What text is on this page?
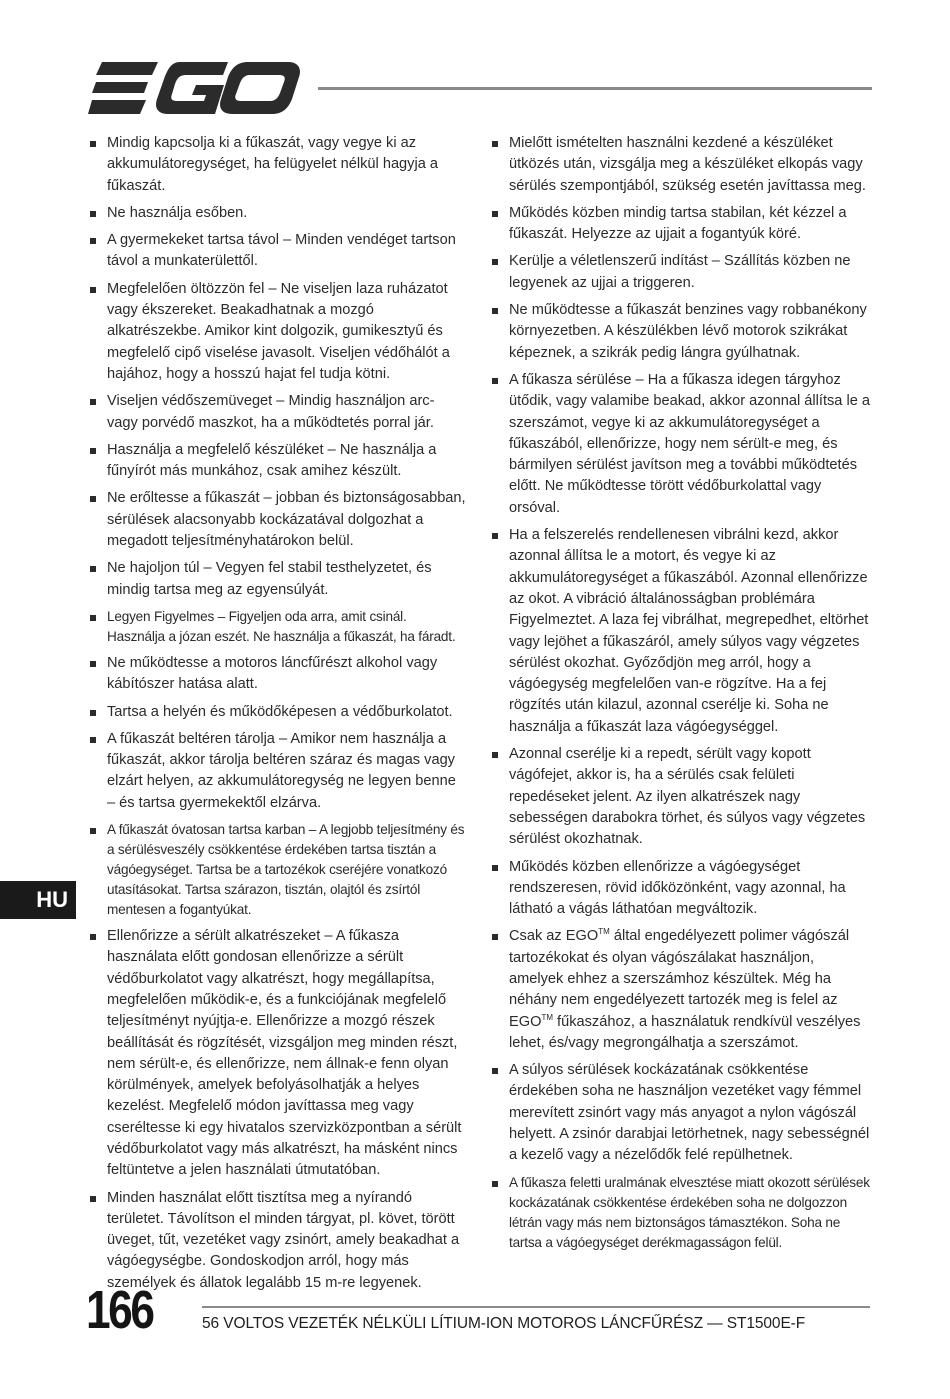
Mindig kapcsolja ki a fűkaszát, vagy vegye ki az akkumulátoregységet, ha felügyelet nélkül hagyja a fűkaszát.
Ne használja esőben.
A gyermekeket tartsa távol – Minden vendéget tartson távol a munkaterülettől.
Megfelelően öltözzön fel – Ne viseljen laza ruházatot vagy ékszereket. Beakadhatnak a mozgó alkatrészekbe. Amikor kint dolgozik, gumikesztyű és megfelelő cipő viselése javasolt. Viseljen védőhálót a hajához, hogy a hosszú hajat fel tudja kötni.
Viseljen védőszemüveget – Mindig használjon arc- vagy porvédő maszkot, ha a működtetés porral jár.
Használja a megfelelő készüléket – Ne használja a fűnyírót más munkához, csak amihez készült.
Ne erőltesse a fűkaszát – jobban és biztonságosabban, sérülések alacsonyabb kockázatával dolgozhat a megadott teljesítményhatárokon belül.
Ne hajoljon túl – Vegyen fel stabil testhelyzetet, és mindig tartsa meg az egyensúlyát.
Legyen Figyelmes – Figyeljen oda arra, amit csinál. Használja a józan eszét. Ne használja a fűkaszát, ha fáradt.
Ne működtesse a motoros láncfűrészt alkohol vagy kábítószer hatása alatt.
Tartsa a helyén és működőképesen a védőburkolatot.
A fűkaszát beltéren tárolja – Amikor nem használja a fűkaszát, akkor tárolja beltéren száraz és magas vagy elzárt helyen, az akkumulátoregység ne legyen benne – és tartsa gyermekektől elzárva.
A fűkaszát óvatosan tartsa karban – A legjobb teljesítmény és a sérülésveszély csökkentése érdekében tartsa tisztán a vágóegységet. Tartsa be a tartozékok cseréjére vonatkozó utasításokat. Tartsa szárazon, tisztán, olajtól és zsírtól mentesen a fogantyúkat.
Ellenőrizze a sérült alkatrészeket – A fűkasza használata előtt gondosan ellenőrizze a sérült védőburkolatot vagy alkatrészt, hogy megállapítsa, megfelelően működik-e, és a funkciójának megfelelő teljesítményt nyújtja-e. Ellenőrizze a mozgó részek beállítását és rögzítését, vizsgáljon meg minden részt, nem sérült-e, és ellenőrizze, nem állnak-e fenn olyan körülmények, amelyek befolyásolhatják a helyes kezelést. Megfelelő módon javíttassa meg vagy cseréltesse ki egy hivatalos szervizközpontban a sérült védőburkolatot vagy más alkatrészt, ha másként nincs feltüntetve a jelen használati útmutatóban.
Minden használat előtt tisztítsa meg a nyírandó területet. Távolítson el minden tárgyat, pl. követ, törött üveget, tűt, vezetéket vagy zsinórt, amely beakadhat a vágóegységbe. Gondoskodjon arról, hogy más személyek és állatok legalább 15 m-re legyenek.
Mielőtt ismételten használni kezdené a készüléket ütközés után, vizsgálja meg a készüléket elkopás vagy sérülés szempontjából, szükség esetén javíttassa meg.
Működés közben mindig tartsa stabilan, két kézzel a fűkaszát. Helyezze az ujjait a fogantyúk köré.
Kerülje a véletlenszerű indítást – Szállítás közben ne legyenek az ujjai a triggeren.
Ne működtesse a fűkaszát benzines vagy robbanékony környezetben. A készülékben lévő motorok szikrákat képeznek, a szikrák pedig lángra gyúlhatnak.
A fűkasza sérülése – Ha a fűkasza idegen tárgyhoz ütődik, vagy valamibe beakad, akkor azonnal állítsa le a szerszámot, vegye ki az akkumulátoregységet a fűkaszából, ellenőrizze, hogy nem sérült-e meg, és bármilyen sérülést javítson meg a további működtetés előtt. Ne működtesse törött védőburkolattal vagy orsóval.
Ha a felszerelés rendellenesen vibrálni kezd, akkor azonnal állítsa le a motort, és vegye ki az akkumulátoregységet a fűkaszából. Azonnal ellenőrizze az okot. A vibráció általánosságban problémára Figyelmeztet. A laza fej vibrálhat, megrepedhet, eltörhet vagy lejöhet a fűkaszáról, amely súlyos vagy végzetes sérülést okozhat. Győződjön meg arról, hogy a vágóegység megfelelően van-e rögzítve. Ha a fej rögzítés után kilazul, azonnal cserélje ki. Soha ne használja a fűkaszát laza vágóegységgel.
Azonnal cserélje ki a repedt, sérült vagy kopott vágófejet, akkor is, ha a sérülés csak felületi repedéseket jelent. Az ilyen alkatrészek nagy sebességen darabokra törhet, és súlyos vagy végzetes sérülést okozhatnak.
Működés közben ellenőrizze a vágóegységet rendszeresen, rövid időközönként, vagy azonnal, ha látható a vágás láthatóan megváltozik.
Csak az EGO™ által engedélyezett polimer vágószál tartozékokat és olyan vágószálakat használjon, amelyek ehhez a szerszámhoz készültek. Még ha néhány nem engedélyezett tartozék meg is felel az EGO™ fűkaszához, a használatuk rendkívül veszélyes lehet, és/vagy megrongálhatja a szerszámot.
A súlyos sérülések kockázatának csökkentése érdekében soha ne használjon vezetéket vagy fémmel merevített zsinórt vagy más anyagot a nylon vágószál helyett. A zsinór darabjai letörhetnek, nagy sebességnél a kezelő vagy a nézelődők felé repülhetnek.
A fűkasza feletti uralmának elvesztése miatt okozott sérülések kockázatának csökkentése érdekében soha ne dolgozzon létrán vagy más nem biztonságos támasztékon. Soha ne tartsa a vágóegységet derékmagasságon felül.
HU
166	56 VOLTOS VEZETÉK NÉLKÜLI LÍTIUM-ION MOTOROS LÁNCFŰRÉSZ — ST1500E-F
